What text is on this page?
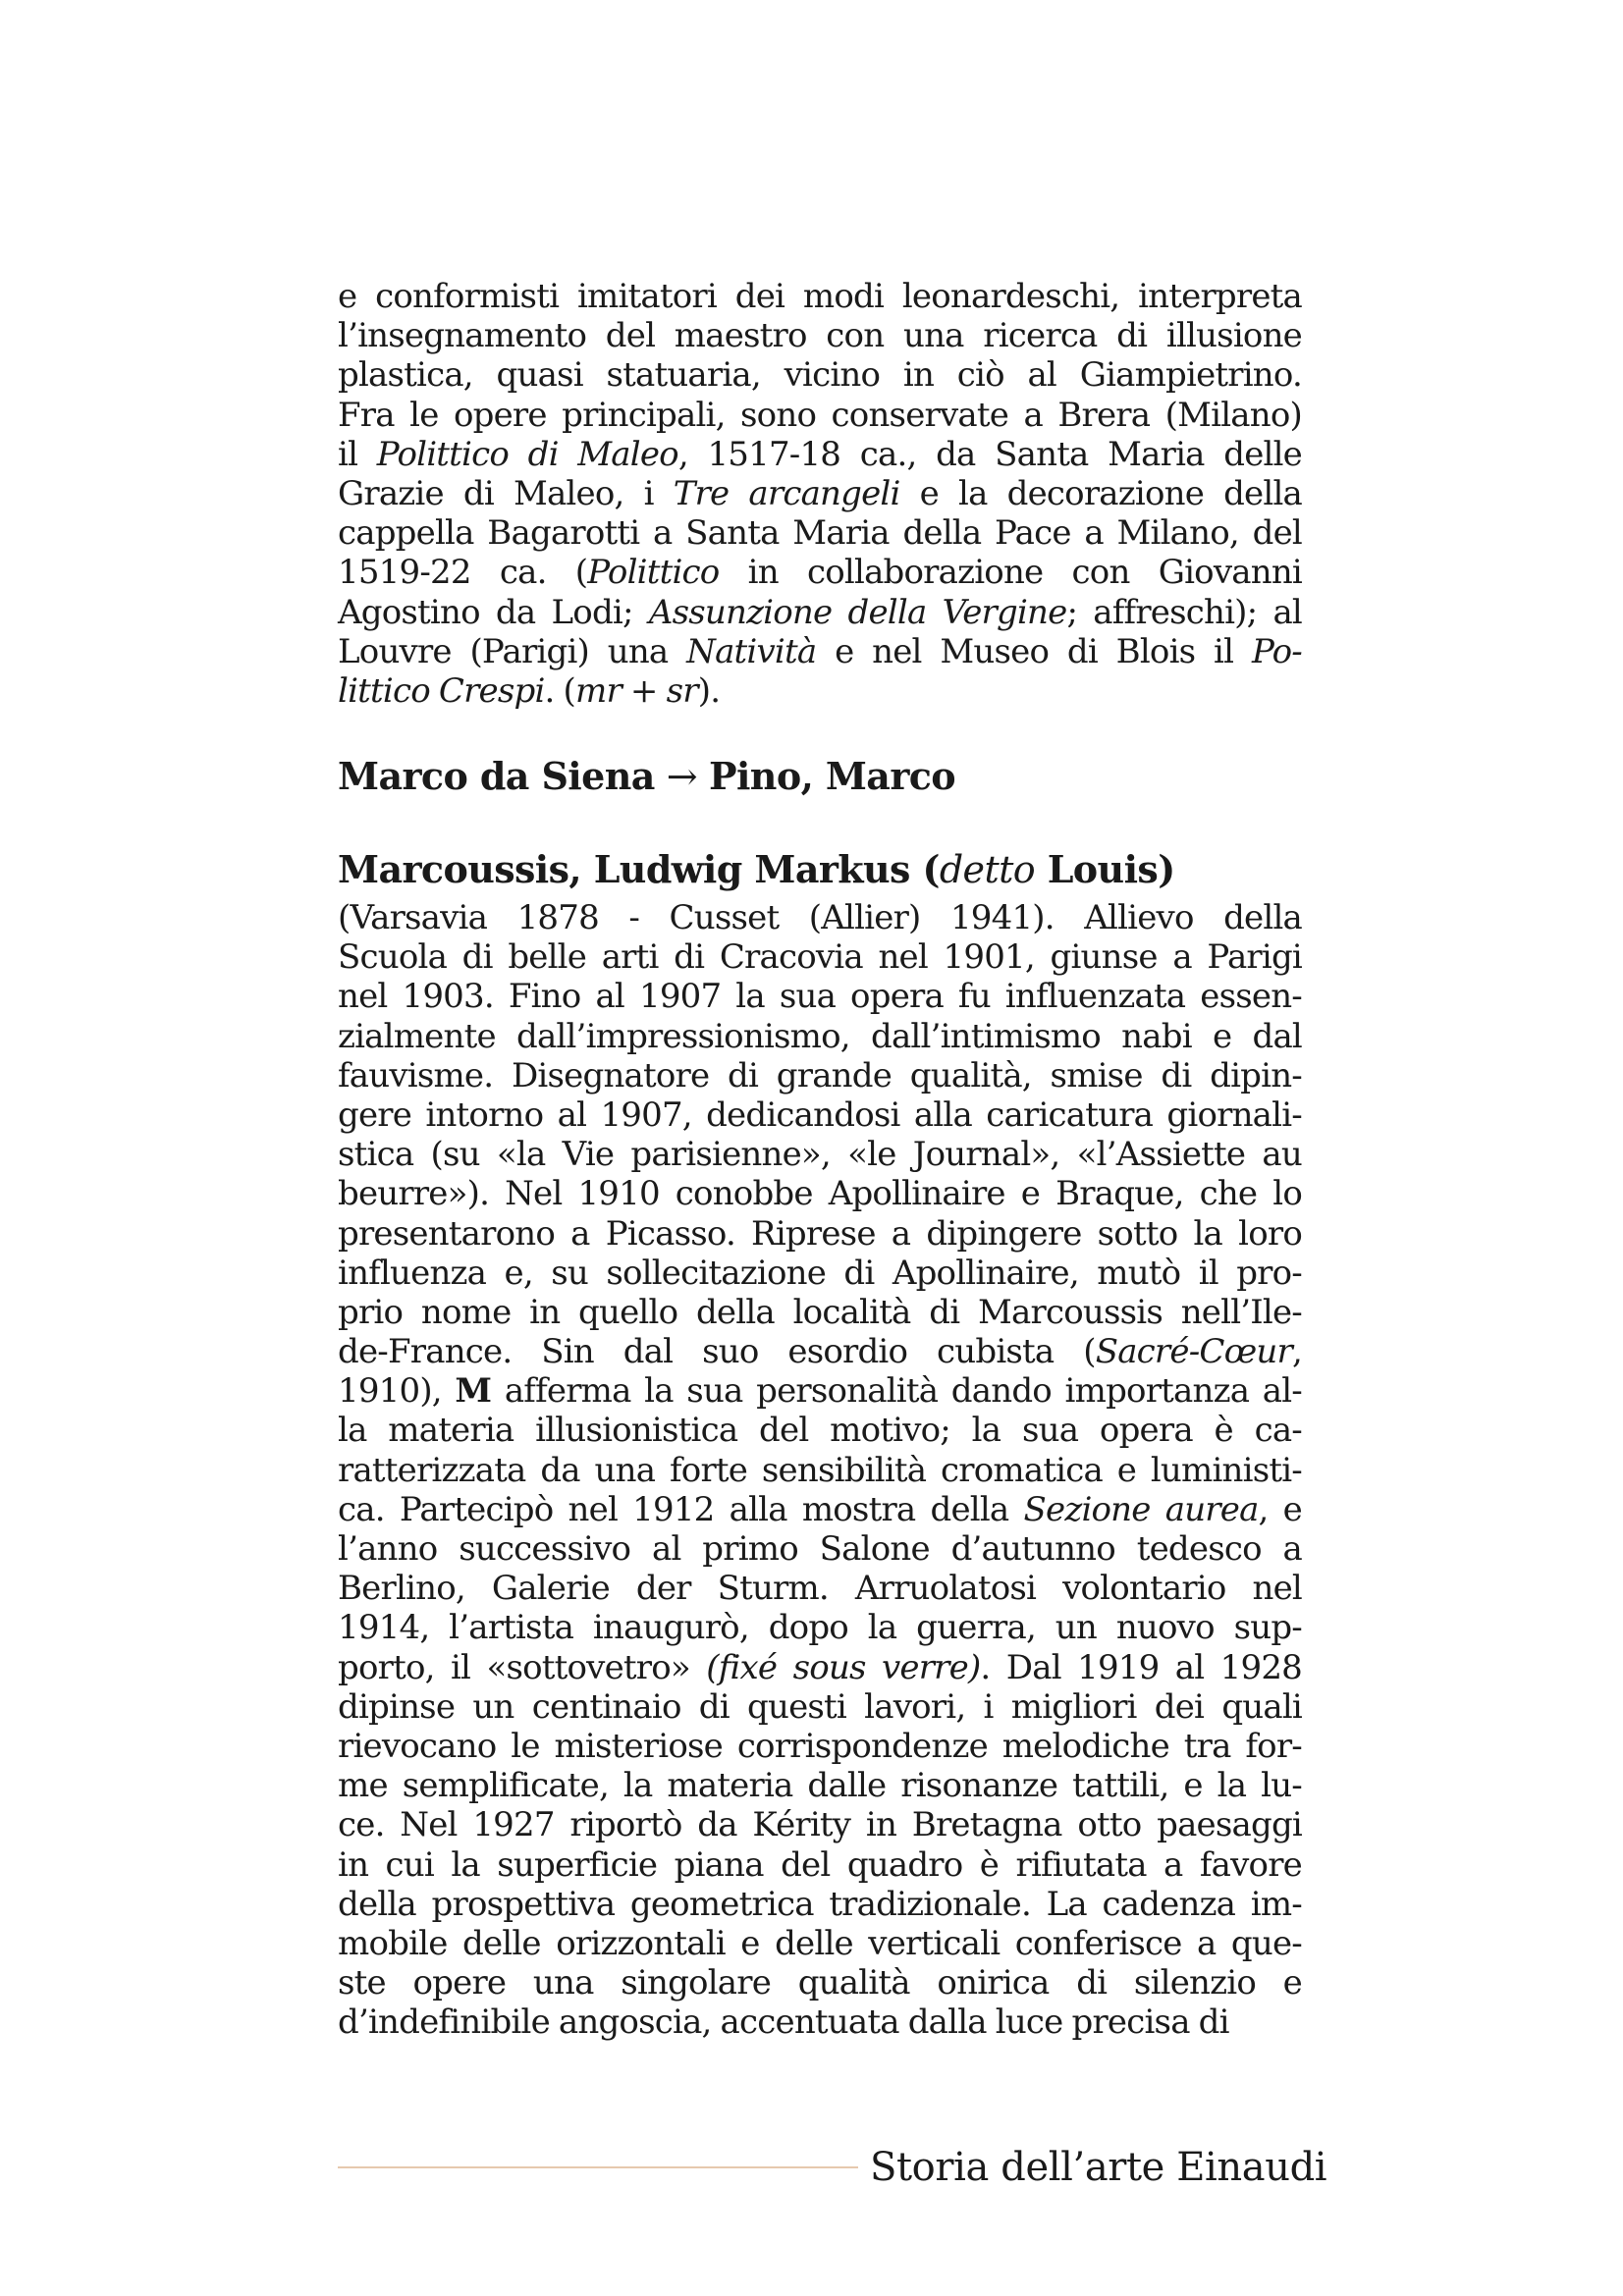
e conformisti imitatori dei modi leonardeschi, interpreta
l’insegnamento del maestro con una ricerca di illusione
plastica, quasi statuaria, vicino in ciò al Giampietrino.
Fra le opere principali, sono conservate a Brera (Milano)
il Polittico di Maleo, 1517-18 ca., da Santa Maria delle
Grazie di Maleo, i Tre arcangeli e la decorazione della
cappella Bagarotti a Santa Maria della Pace a Milano, del
1519-22 ca. (Polittico in collaborazione con Giovanni
Agostino da Lodi; Assunzione della Vergine; affreschi); al
Louvre (Parigi) una Natività e nel Museo di Blois il Po-
littico Crespi. (mr + sr).
Marco da Siena → Pino, Marco
Marcoussis, Ludwig Markus (detto Louis)
(Varsavia 1878 - Cusset (Allier) 1941). Allievo della
Scuola di belle arti di Cracovia nel 1901, giunse a Parigi
nel 1903. Fino al 1907 la sua opera fu influenzata essen-
zialmente dall’impressionismo, dall’intimismo nabi e dal
fauvisme. Disegnatore di grande qualità, smise di dipin-
gere intorno al 1907, dedicandosi alla caricatura giornali-
stica (su «la Vie parisienne», «le Journal», «l’Assiette au
beurre»). Nel 1910 conobbe Apollinaire e Braque, che lo
presentarono a Picasso. Riprese a dipingere sotto la loro
influenza e, su sollecitazione di Apollinaire, mutò il pro-
prio nome in quello della località di Marcoussis nell’Ile-
de-France. Sin dal suo esordio cubista (Sacré-Cœur,
1910), M afferma la sua personalità dando importanza al-
la materia illusionistica del motivo; la sua opera è ca-
ratterizzata da una forte sensibilità cromatica e luministi-
ca. Partecipò nel 1912 alla mostra della Sezione aurea, e
l’anno successivo al primo Salone d’autunno tedesco a
Berlino, Galerie der Sturm. Arruolatosi volontario nel
1914, l’artista inaugurò, dopo la guerra, un nuovo sup-
porto, il «sottovetro» (fixé sous verre). Dal 1919 al 1928
dipinse un centinaio di questi lavori, i migliori dei quali
rievocano le misteriose corrispondenze melodiche tra for-
me semplificate, la materia dalle risonanze tattili, e la lu-
ce. Nel 1927 riportò da Kérity in Bretagna otto paesaggi
in cui la superficie piana del quadro è rifiutata a favore
della prospettiva geometrica tradizionale. La cadenza im-
mobile delle orizzontali e delle verticali conferisce a que-
ste opere una singolare qualità onirica di silenzio e
d’indefinibile angoscia, accentuata dalla luce precisa di
Storia dell’arte Einaudi
